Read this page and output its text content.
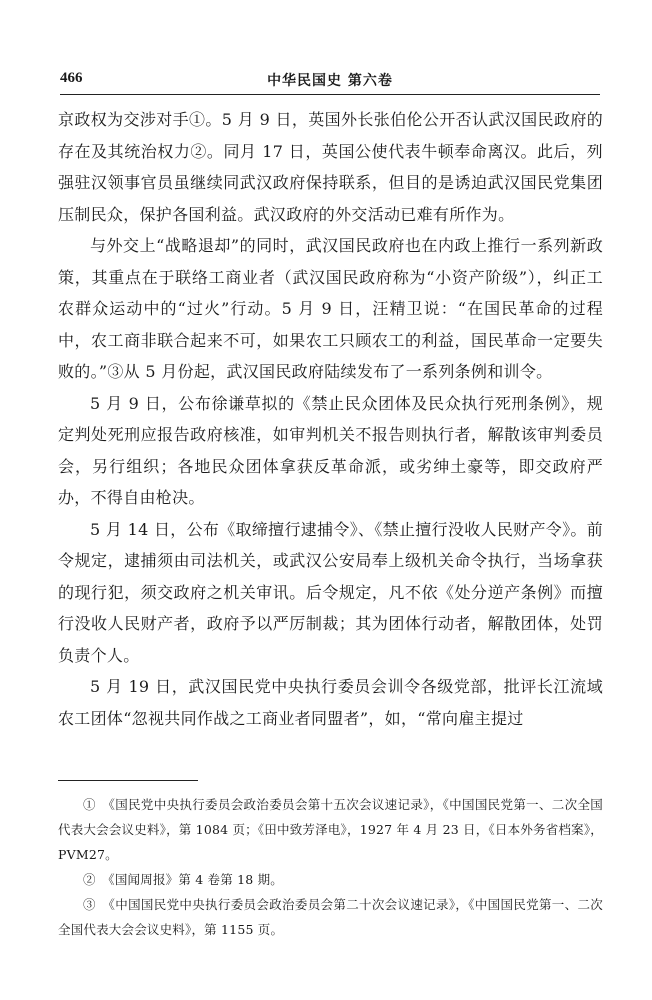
466	中华民国史 第六卷

京政权为交涉对手①。5 月 9 日，英国外长张伯伦公开否认武汉国民政府的存在及其统治权力②。同月 17 日，英国公使代表牛顿奉命离汉。此后，列强驻汉领事官员虽继续同武汉政府保持联系，但目的是诱迫武汉国民党集团压制民众，保护各国利益。武汉政府的外交活动已难有所作为。

与外交上“战略退却”的同时，武汉国民政府也在内政上推行一系列新政策，其重点在于联络工商业者（武汉国民政府称为“小资产阶级”），纠正工农群众运动中的“过火”行动。5 月 9 日，汪精卫说：“在国民革命的过程中，农工商非联合起来不可，如果农工只顾农工的利益，国民革命一定要失败的。”③从 5 月份起，武汉国民政府陆续发布了一系列条例和训令。

5 月 9 日，公布徐谦草拟的《禁止民众团体及民众执行死刑条例》，规定判处死刑应报告政府核准，如审判机关不报告则执行者，解散该审判委员会，另行组织；各地民众团体拿获反革命派，或劣绅土豪等，即交政府严办，不得自由枪决。

5 月 14 日，公布《取缔擅行逮捕令》、《禁止擅行没收人民财产令》。前令规定，逮捕须由司法机关，或武汉公安局奉上级机关命令执行，当场拿获的现行犯，须交政府之机关审讯。后令规定，凡不依《处分逆产条例》而擅行没收人民财产者，政府予以严厉制裁；其为团体行动者，解散团体，处罚负责个人。

5 月 19 日，武汉国民党中央执行委员会训令各级党部，批评长江流域农工团体“忽视共同作战之工商业者同盟者”，如，“常向雇主提过

①　《国民党中央执行委员会政治委员会第十五次会议速记录》，《中国国民党第一、二次全国代表大会会议史料》，第 1084 页；《田中致芳泽电》，1927 年 4 月 23 日，《日本外务省档案》，PVM27。

②　《国闻周报》第 4 卷第 18 期。

③　《中国国民党中央执行委员会政治委员会第二十次会议速记录》，《中国国民党第一、二次全国代表大会会议史料》，第 1155 页。
